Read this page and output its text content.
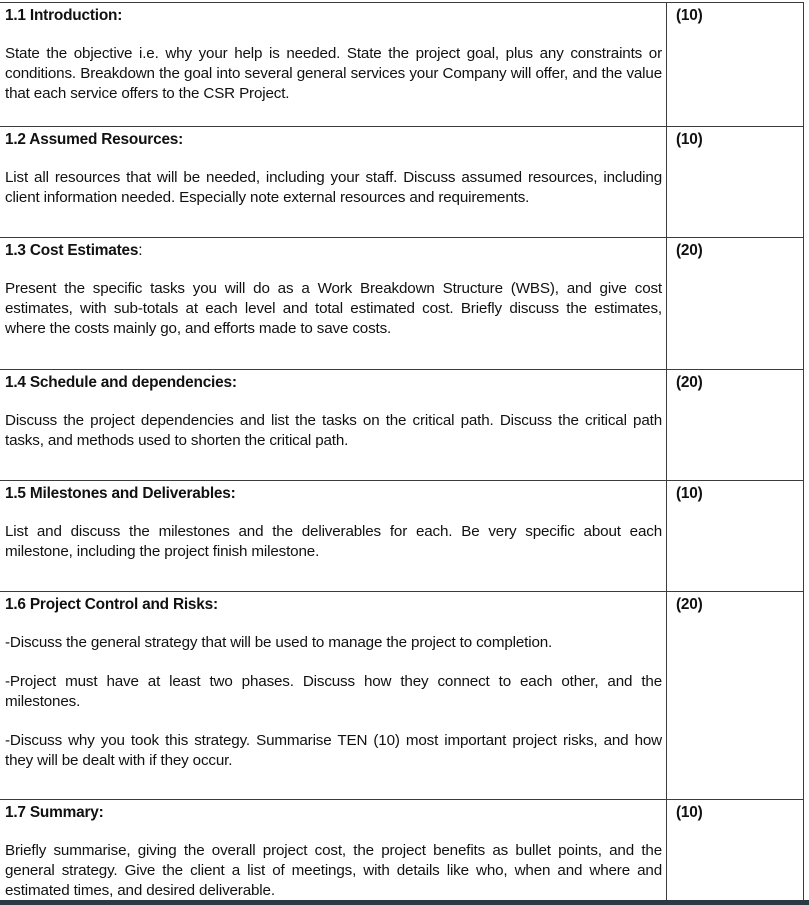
1.1 Introduction:

State the objective i.e. why your help is needed. State the project goal, plus any constraints or conditions. Breakdown the goal into several general services your Company will offer, and the value that each service offers to the CSR Project.	(10)

1.2 Assumed Resources:

List all resources that will be needed, including your staff. Discuss assumed resources, including client information needed. Especially note external resources and requirements.	(10)

1.3 Cost Estimates:

Present the specific tasks you will do as a Work Breakdown Structure (WBS), and give cost estimates, with sub-totals at each level and total estimated cost. Briefly discuss the estimates, where the costs mainly go, and efforts made to save costs.	(20)

1.4 Schedule and dependencies:

Discuss the project dependencies and list the tasks on the critical path. Discuss the critical path tasks, and methods used to shorten the critical path.	(20)

1.5 Milestones and Deliverables:

List and discuss the milestones and the deliverables for each. Be very specific about each milestone, including the project finish milestone.	(10)

1.6 Project Control and Risks:

-Discuss the general strategy that will be used to manage the project to completion.

-Project must have at least two phases. Discuss how they connect to each other, and the milestones.

-Discuss why you took this strategy. Summarise TEN (10) most important project risks, and how they will be dealt with if they occur.	(20)

1.7 Summary:

Briefly summarise, giving the overall project cost, the project benefits as bullet points, and the general strategy. Give the client a list of meetings, with details like who, when and where and estimated times, and desired deliverable.	(10)
